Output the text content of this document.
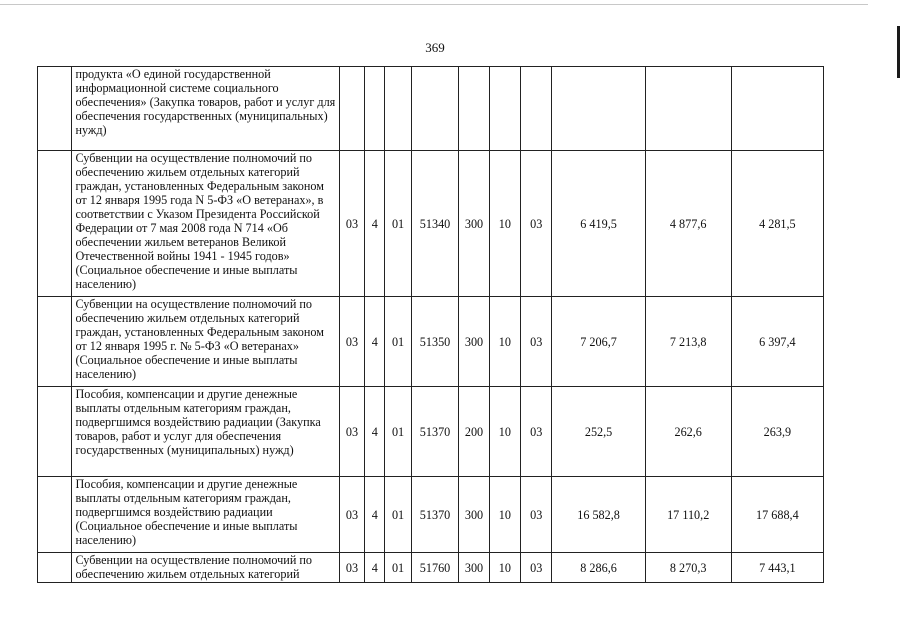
369
	продукта «О единой государственной информационной системе социального обеспечения» (Закупка товаров, работ и услуг для обеспечения государственных (муниципальных) нужд)										
	Субвенции на осуществление полномочий по обеспечению жильем отдельных категорий граждан, установленных Федеральным законом от 12 января 1995 года N 5-ФЗ «О ветеранах», в соответствии с Указом Президента Российской Федерации от 7 мая 2008 года N 714 «Об обеспечении жильем ветеранов Великой Отечественной войны 1941 - 1945 годов» (Социальное обеспечение и иные выплаты населению)	03	4	01	51340	300	10	03	6 419,5	4 877,6	4 281,5
	Субвенции на осуществление полномочий по обеспечению жильем отдельных категорий граждан, установленных Федеральным законом от 12 января 1995 г. № 5-ФЗ «О ветеранах» (Социальное обеспечение и иные выплаты населению)	03	4	01	51350	300	10	03	7 206,7	7 213,8	6 397,4
	Пособия, компенсации и другие денежные выплаты отдельным категориям граждан, подвергшимся воздействию радиации (Закупка товаров, работ и услуг для обеспечения государственных (муниципальных) нужд)	03	4	01	51370	200	10	03	252,5	262,6	263,9
	Пособия, компенсации и другие денежные выплаты отдельным категориям граждан, подвергшимся воздействию радиации (Социальное обеспечение и иные выплаты населению)	03	4	01	51370	300	10	03	16 582,8	17 110,2	17 688,4
	Субвенции на осуществление полномочий по обеспечению жильем отдельных категорий	03	4	01	51760	300	10	03	8 286,6	8 270,3	7 443,1
